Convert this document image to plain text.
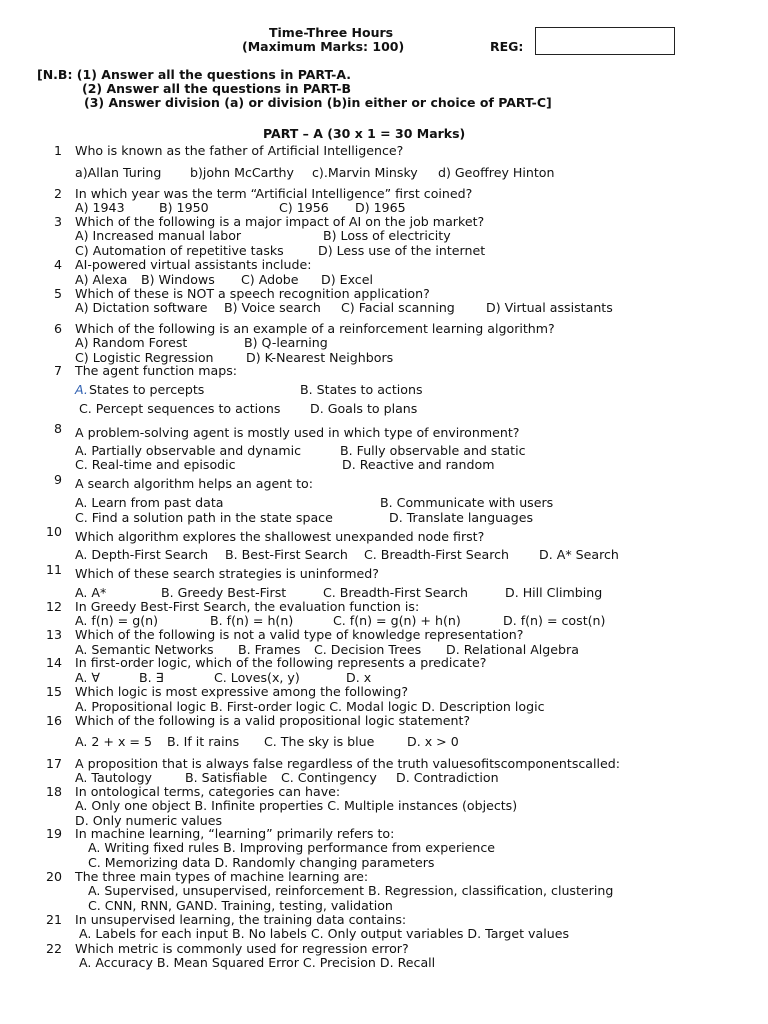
Time-Three Hours
(Maximum Marks: 100)	REG:
[N.B: (1) Answer all the questions in PART-A.
(2) Answer all the questions in PART-B
(3) Answer division (a) or division (b)in either or choice of PART-C]
PART – A (30 x 1 = 30 Marks)
1 Who is known as the father of Artificial Intelligence?
a)Allan Turing b)john McCarthy c).Marvin Minsky d) Geoffrey Hinton
2 In which year was the term “Artificial Intelligence” first coined?
A) 1943	B) 1950	C) 1956 D) 1965
3 Which of the following is a major impact of AI on the job market?
A) Increased manual labor	B) Loss of electricity
C) Automation of repetitive tasks	D) Less use of the internet
4 AI-powered virtual assistants include:
A) Alexa B) Windows C) Adobe D) Excel
5 Which of these is NOT a speech recognition application?
A) Dictation software B) Voice search C) Facial scanning D) Virtual assistants
6 Which of the following is an example of a reinforcement learning algorithm?
A) Random Forest	B) Q-learning
C) Logistic Regression	D) K-Nearest Neighbors
7 The agent function maps:
A. States to percepts	B. States to actions
C. Percept sequences to actions D. Goals to plans
8 A problem-solving agent is mostly used in which type of environment?
A. Partially observable and dynamic	B. Fully observable and static
C. Real-time and episodic	D. Reactive and random
9 A search algorithm helps an agent to:
A. Learn from past data	B. Communicate with users
C. Find a solution path in the state space	D. Translate languages
10 Which algorithm explores the shallowest unexpanded node first?
A. Depth-First Search B. Best-First Search C. Breadth-First Search D. A* Search
11 Which of these search strategies is uninformed?
A. A*	B. Greedy Best-First	C. Breadth-First Search	D. Hill Climbing
12 In Greedy Best-First Search, the evaluation function is:
A. f(n) = g(n)	B. f(n) = h(n)	C. f(n) = g(n) + h(n)	D. f(n) = cost(n)
13 Which of the following is not a valid type of knowledge representation?
A. Semantic Networks B. Frames C. Decision Trees D. Relational Algebra
14 In first-order logic, which of the following represents a predicate?
A. ∀	B. ∃	C. Loves(x, y)	D. x
15 Which logic is most expressive among the following?
A. Propositional logic B. First-order logic C. Modal logic D. Description logic
16 Which of the following is a valid propositional logic statement?
A. 2 + x = 5 B. If it rains C. The sky is blue	D. x > 0
17 A proposition that is always false regardless of the truth valuesofitscomponentscalled:
A. Tautology	B. Satisfiable C. Contingency D. Contradiction
18 In ontological terms, categories can have:
A. Only one object B. Infinite properties C. Multiple instances (objects)
D. Only numeric values
19 In machine learning, “learning” primarily refers to:
A. Writing fixed rules B. Improving performance from experience
C. Memorizing data D. Randomly changing parameters
20 The three main types of machine learning are:
A. Supervised, unsupervised, reinforcement B. Regression, classification, clustering
C. CNN, RNN, GAND. Training, testing, validation
21 In unsupervised learning, the training data contains:
A. Labels for each input B. No labels C. Only output variables D. Target values
22 Which metric is commonly used for regression error?
A. Accuracy B. Mean Squared Error C. Precision D. Recall
